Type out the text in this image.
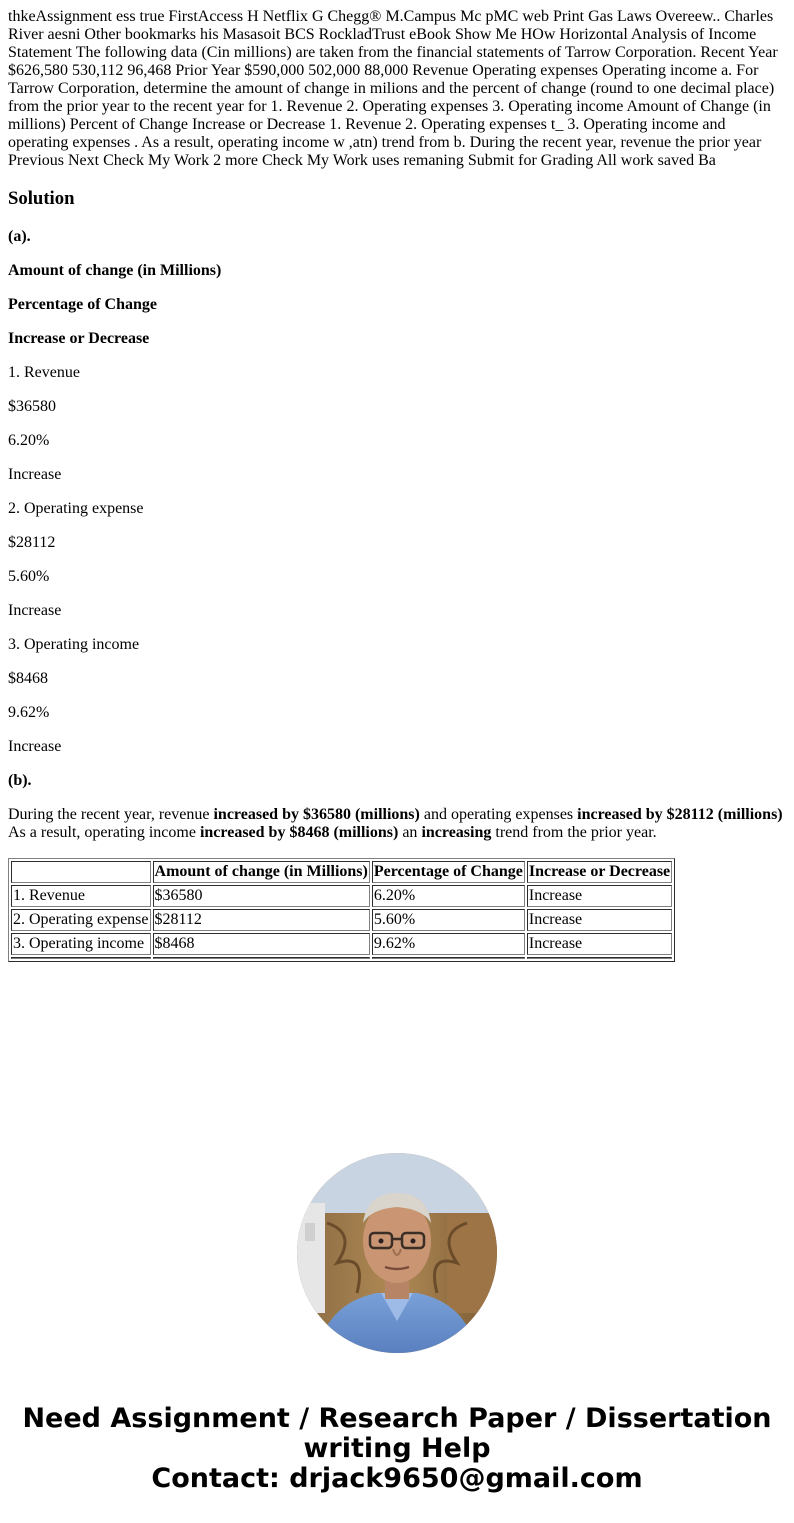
thkeAssignment ess true FirstAccess H Netflix G Chegg® M.Campus Mc pMC web Print Gas Laws Overeew.. Charles River aesni Other bookmarks his Masasoit BCS RockladTrust eBook Show Me HOw Horizontal Analysis of Income Statement The following data (Cin millions) are taken from the financial statements of Tarrow Corporation. Recent Year $626,580 530,112 96,468 Prior Year $590,000 502,000 88,000 Revenue Operating expenses Operating income a. For Tarrow Corporation, determine the amount of change in milions and the percent of change (round to one decimal place) from the prior year to the recent year for 1. Revenue 2. Operating expenses 3. Operating income Amount of Change (in millions) Percent of Change Increase or Decrease 1. Revenue 2. Operating expenses t_ 3. Operating income and operating expenses . As a result, operating income w ,atn) trend from b. During the recent year, revenue the prior year Previous Next Check My Work 2 more Check My Work uses remaning Submit for Grading All work saved Ba
Solution

(a).

Amount of change (in Millions)

Percentage of Change

Increase or Decrease

1. Revenue

$36580

6.20%

Increase

2. Operating expense

$28112

5.60%

Increase

3. Operating income

$8468

9.62%

Increase

(b).

During the recent year, revenue increased by $36580 (millions) and operating expenses increased by $28112 (millions)
As a result, operating income increased by $8468 (millions) an increasing trend from the prior year.

	Amount of change (in Millions)	Percentage of Change	Increase or Decrease
1. Revenue	$36580	6.20%	Increase
2. Operating expense	$28112	5.60%	Increase
3. Operating income	$8468	9.62%	Increase

Need Assignment / Research Paper / Dissertation
writing Help
Contact: drjack9650@gmail.com
